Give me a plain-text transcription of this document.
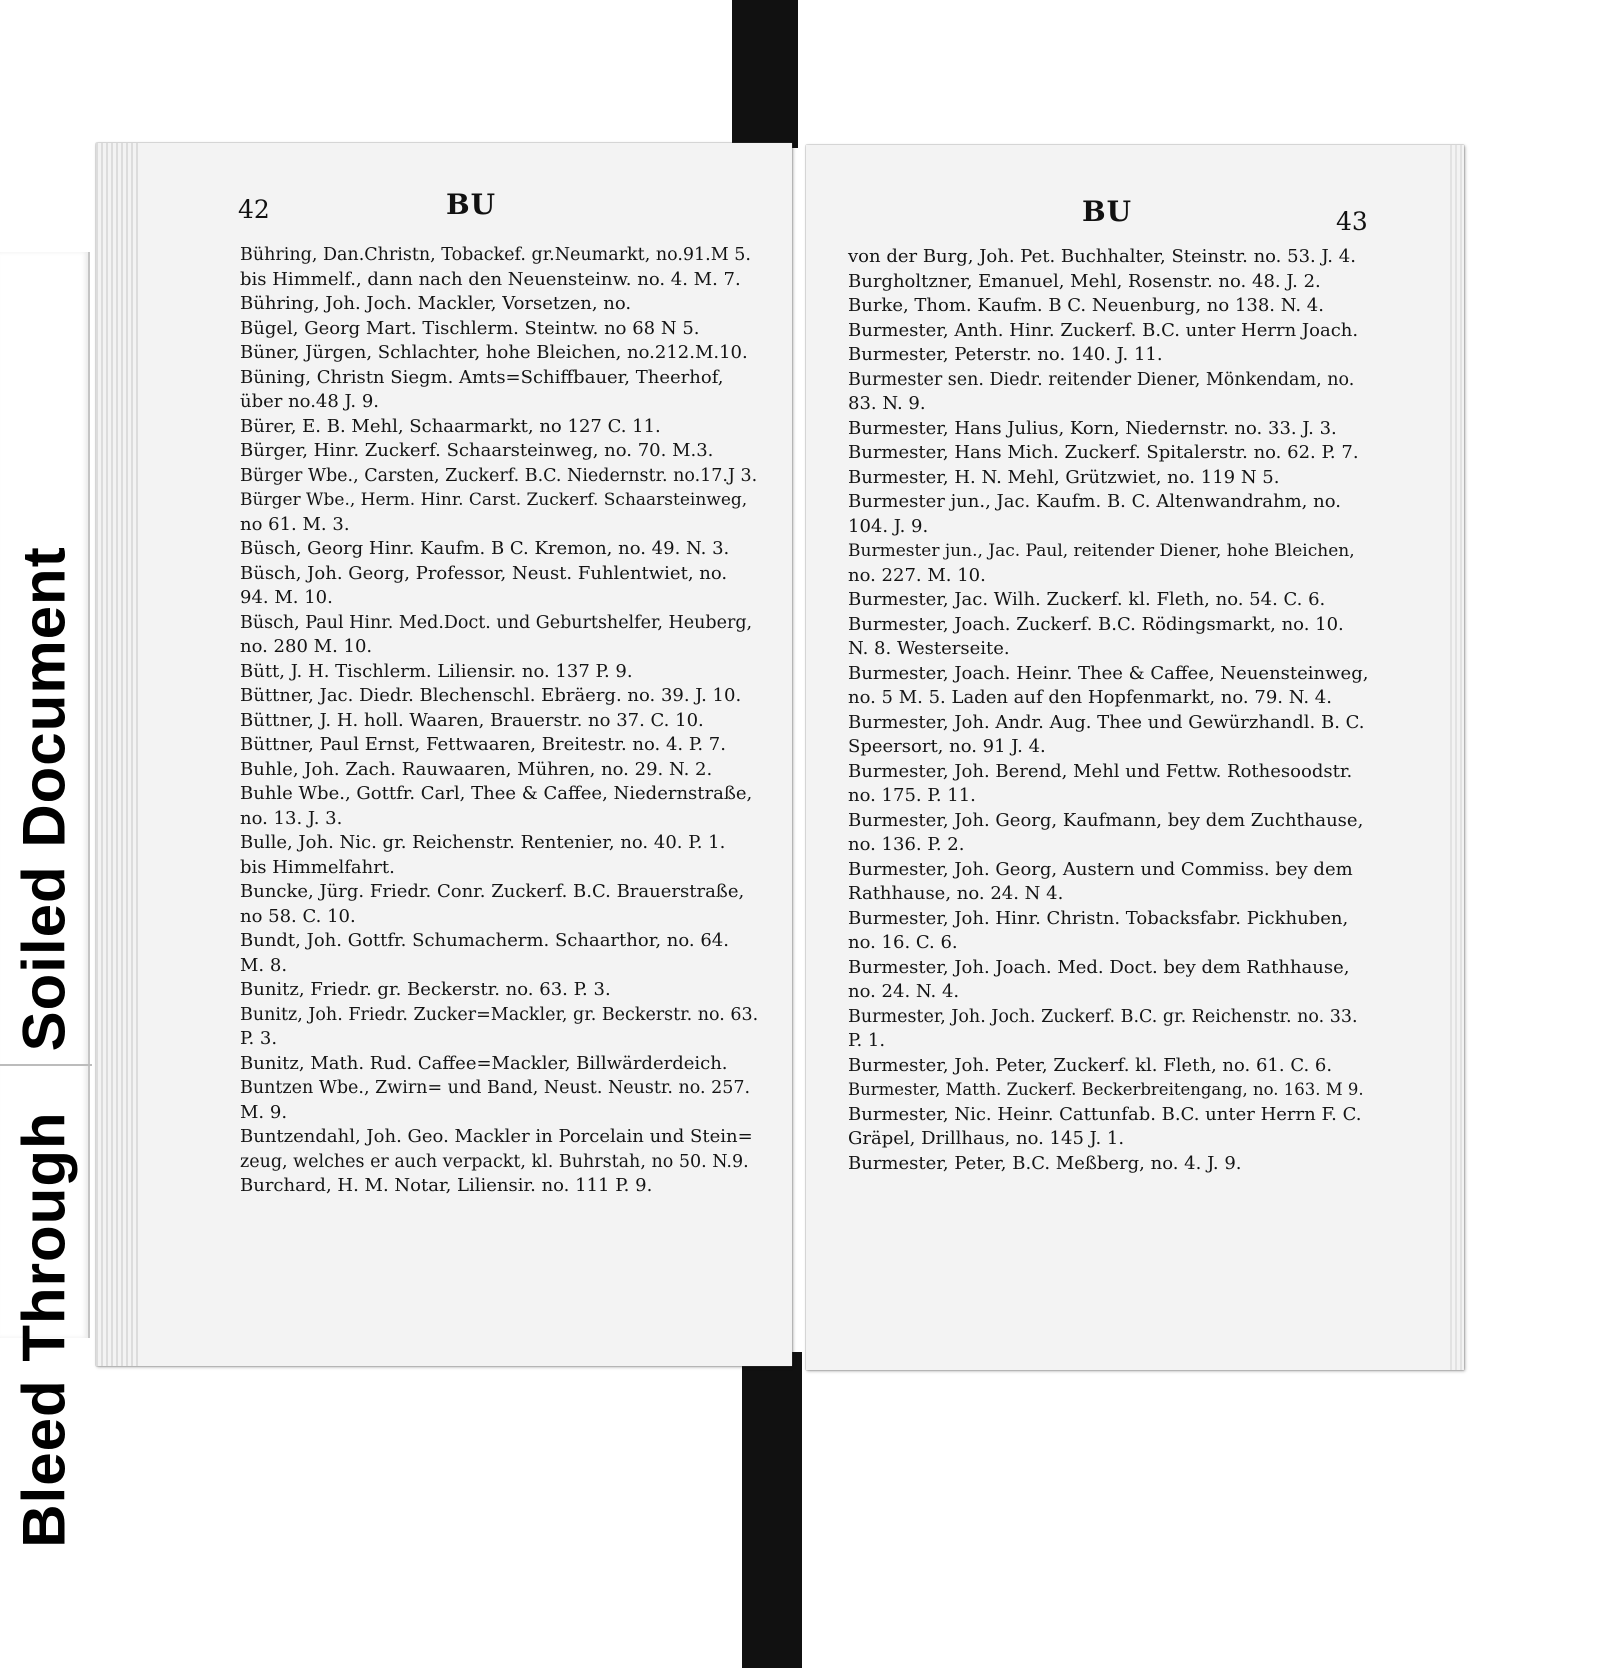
Bleed ThroughSoiled Document
42	BU
Bühring, Dan.Christn, Tobackef. gr.Neumarkt, no.91.M 5.
bis Himmelf., dann nach den Neuensteinw. no. 4. M. 7.
Bühring, Joh. Joch. Mackler, Vorsetzen, no.
Bügel, Georg Mart. Tischlerm. Steintw. no 68 N 5.
Büner, Jürgen, Schlachter, hohe Bleichen, no.212.M.10.
Büning, Christn Siegm. Amts=Schiffbauer, Theerhof,
über no.48 J. 9.
Bürer, E. B. Mehl, Schaarmarkt, no 127 C. 11.
Bürger, Hinr. Zuckerf. Schaarsteinweg, no. 70. M.3.
Bürger Wbe., Carsten, Zuckerf. B.C. Niedernstr. no.17.J 3.
Bürger Wbe., Herm. Hinr. Carst. Zuckerf. Schaarsteinweg,
no 61. M. 3.
Büsch, Georg Hinr. Kaufm. B C. Kremon, no. 49. N. 3.
Büsch, Joh. Georg, Professor, Neust. Fuhlentwiet, no.
94. M. 10.
Büsch, Paul Hinr. Med.Doct. und Geburtshelfer, Heuberg,
no. 280 M. 10.
Bütt, J. H. Tischlerm. Liliensir. no. 137 P. 9.
Büttner, Jac. Diedr. Blechenschl. Ebräerg. no. 39. J. 10.
Büttner, J. H. holl. Waaren, Brauerstr. no 37. C. 10.
Büttner, Paul Ernst, Fettwaaren, Breitestr. no. 4. P. 7.
Buhle, Joh. Zach. Rauwaaren, Mühren, no. 29. N. 2.
Buhle Wbe., Gottfr. Carl, Thee & Caffee, Niedernstraße,
no. 13. J. 3.
Bulle, Joh. Nic. gr. Reichenstr. Rentenier, no. 40. P. 1.
bis Himmelfahrt.
Buncke, Jürg. Friedr. Conr. Zuckerf. B.C. Brauerstraße,
no 58. C. 10.
Bundt, Joh. Gottfr. Schumacherm. Schaarthor, no. 64.
M. 8.
Bunitz, Friedr. gr. Beckerstr. no. 63. P. 3.
Bunitz, Joh. Friedr. Zucker=Mackler, gr. Beckerstr. no. 63.
P. 3.
Bunitz, Math. Rud. Caffee=Mackler, Billwärderdeich.
Buntzen Wbe., Zwirn= und Band, Neust. Neustr. no. 257.
M. 9.
Buntzendahl, Joh. Geo. Mackler in Porcelain und Stein=
zeug, welches er auch verpackt, kl. Buhrstah, no 50. N.9.
Burchard, H. M. Notar, Liliensir. no. 111 P. 9.
BU	43
von der Burg, Joh. Pet. Buchhalter, Steinstr. no. 53. J. 4.
Burgholtzner, Emanuel, Mehl, Rosenstr. no. 48. J. 2.
Burke, Thom. Kaufm. B C. Neuenburg, no 138. N. 4.
Burmester, Anth. Hinr. Zuckerf. B.C. unter Herrn Joach.
Burmester, Peterstr. no. 140. J. 11.
Burmester sen. Diedr. reitender Diener, Mönkendam, no.
83. N. 9.
Burmester, Hans Julius, Korn, Niedernstr. no. 33. J. 3.
Burmester, Hans Mich. Zuckerf. Spitalerstr. no. 62. P. 7.
Burmester, H. N. Mehl, Grützwiet, no. 119 N 5.
Burmester jun., Jac. Kaufm. B. C. Altenwandrahm, no.
104. J. 9.
Burmester jun., Jac. Paul, reitender Diener, hohe Bleichen,
no. 227. M. 10.
Burmester, Jac. Wilh. Zuckerf. kl. Fleth, no. 54. C. 6.
Burmester, Joach. Zuckerf. B.C. Rödingsmarkt, no. 10.
N. 8. Westerseite.
Burmester, Joach. Heinr. Thee & Caffee, Neuensteinweg,
no. 5 M. 5. Laden auf den Hopfenmarkt, no. 79. N. 4.
Burmester, Joh. Andr. Aug. Thee und Gewürzhandl. B. C.
Speersort, no. 91 J. 4.
Burmester, Joh. Berend, Mehl und Fettw. Rothesoodstr.
no. 175. P. 11.
Burmester, Joh. Georg, Kaufmann, bey dem Zuchthause,
no. 136. P. 2.
Burmester, Joh. Georg, Austern und Commiss. bey dem
Rathhause, no. 24. N 4.
Burmester, Joh. Hinr. Christn. Tobacksfabr. Pickhuben,
no. 16. C. 6.
Burmester, Joh. Joach. Med. Doct. bey dem Rathhause,
no. 24. N. 4.
Burmester, Joh. Joch. Zuckerf. B.C. gr. Reichenstr. no. 33.
P. 1.
Burmester, Joh. Peter, Zuckerf. kl. Fleth, no. 61. C. 6.
Burmester, Matth. Zuckerf. Beckerbreitengang, no. 163. M 9.
Burmester, Nic. Heinr. Cattunfab. B.C. unter Herrn F. C.
Gräpel, Drillhaus, no. 145 J. 1.
Burmester, Peter, B.C. Meßberg, no. 4. J. 9.
